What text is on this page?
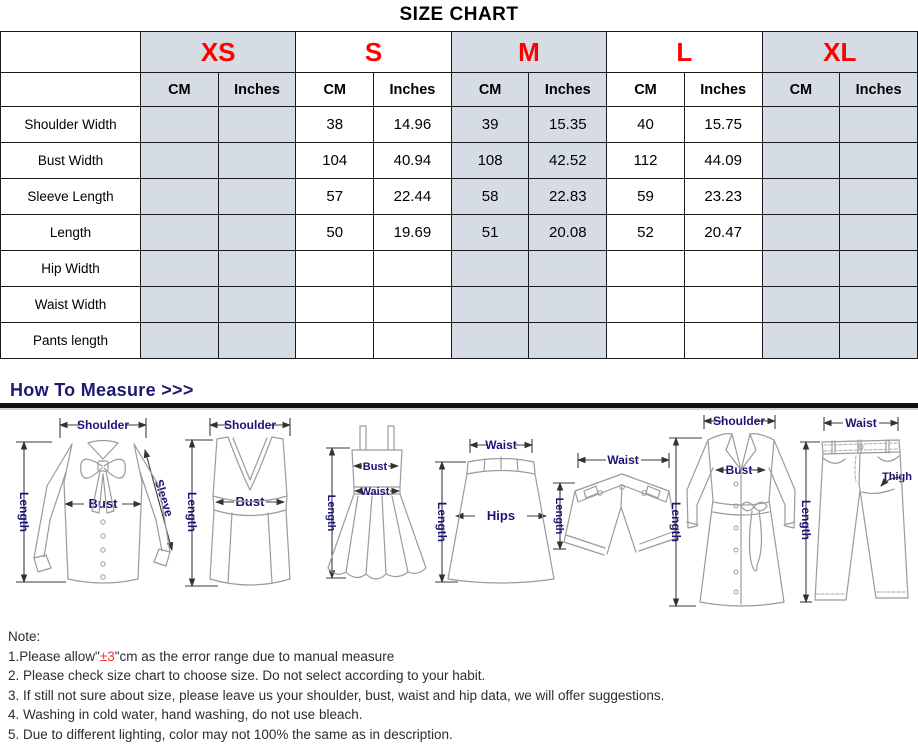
SIZE CHART
	XS		S		M		L		XL	
	CM	Inches	CM	Inches	CM	Inches	CM	Inches	CM	Inches
Shoulder Width			38	14.96	39	15.35	40	15.75		
Bust Width			104	40.94	108	42.52	112	44.09		
Sleeve Length			57	22.44	58	22.83	59	23.23		
Length			50	19.69	51	20.08	52	20.47		
Hip Width										
Waist Width										
Pants length										
How To Measure >>>
Shoulder
Length	Bust	Sleeve
Shoulder
Length	Bust	Length
Bust
Waist
Waist
Length	Hips
Waist
Length
Shoulder
Length
Bust
Waist
Length
Thigh
Note:
1.Please allow"±3"cm as the error range due to manual measure
2. Please check size chart to choose size. Do not select according to your habit.
3. If still not sure about size, please leave us your shoulder, bust, waist and hip data, we will offer suggestions.
4. Washing in cold water, hand washing, do not use bleach.
5. Due to different lighting, color may not 100% the same as in description.
